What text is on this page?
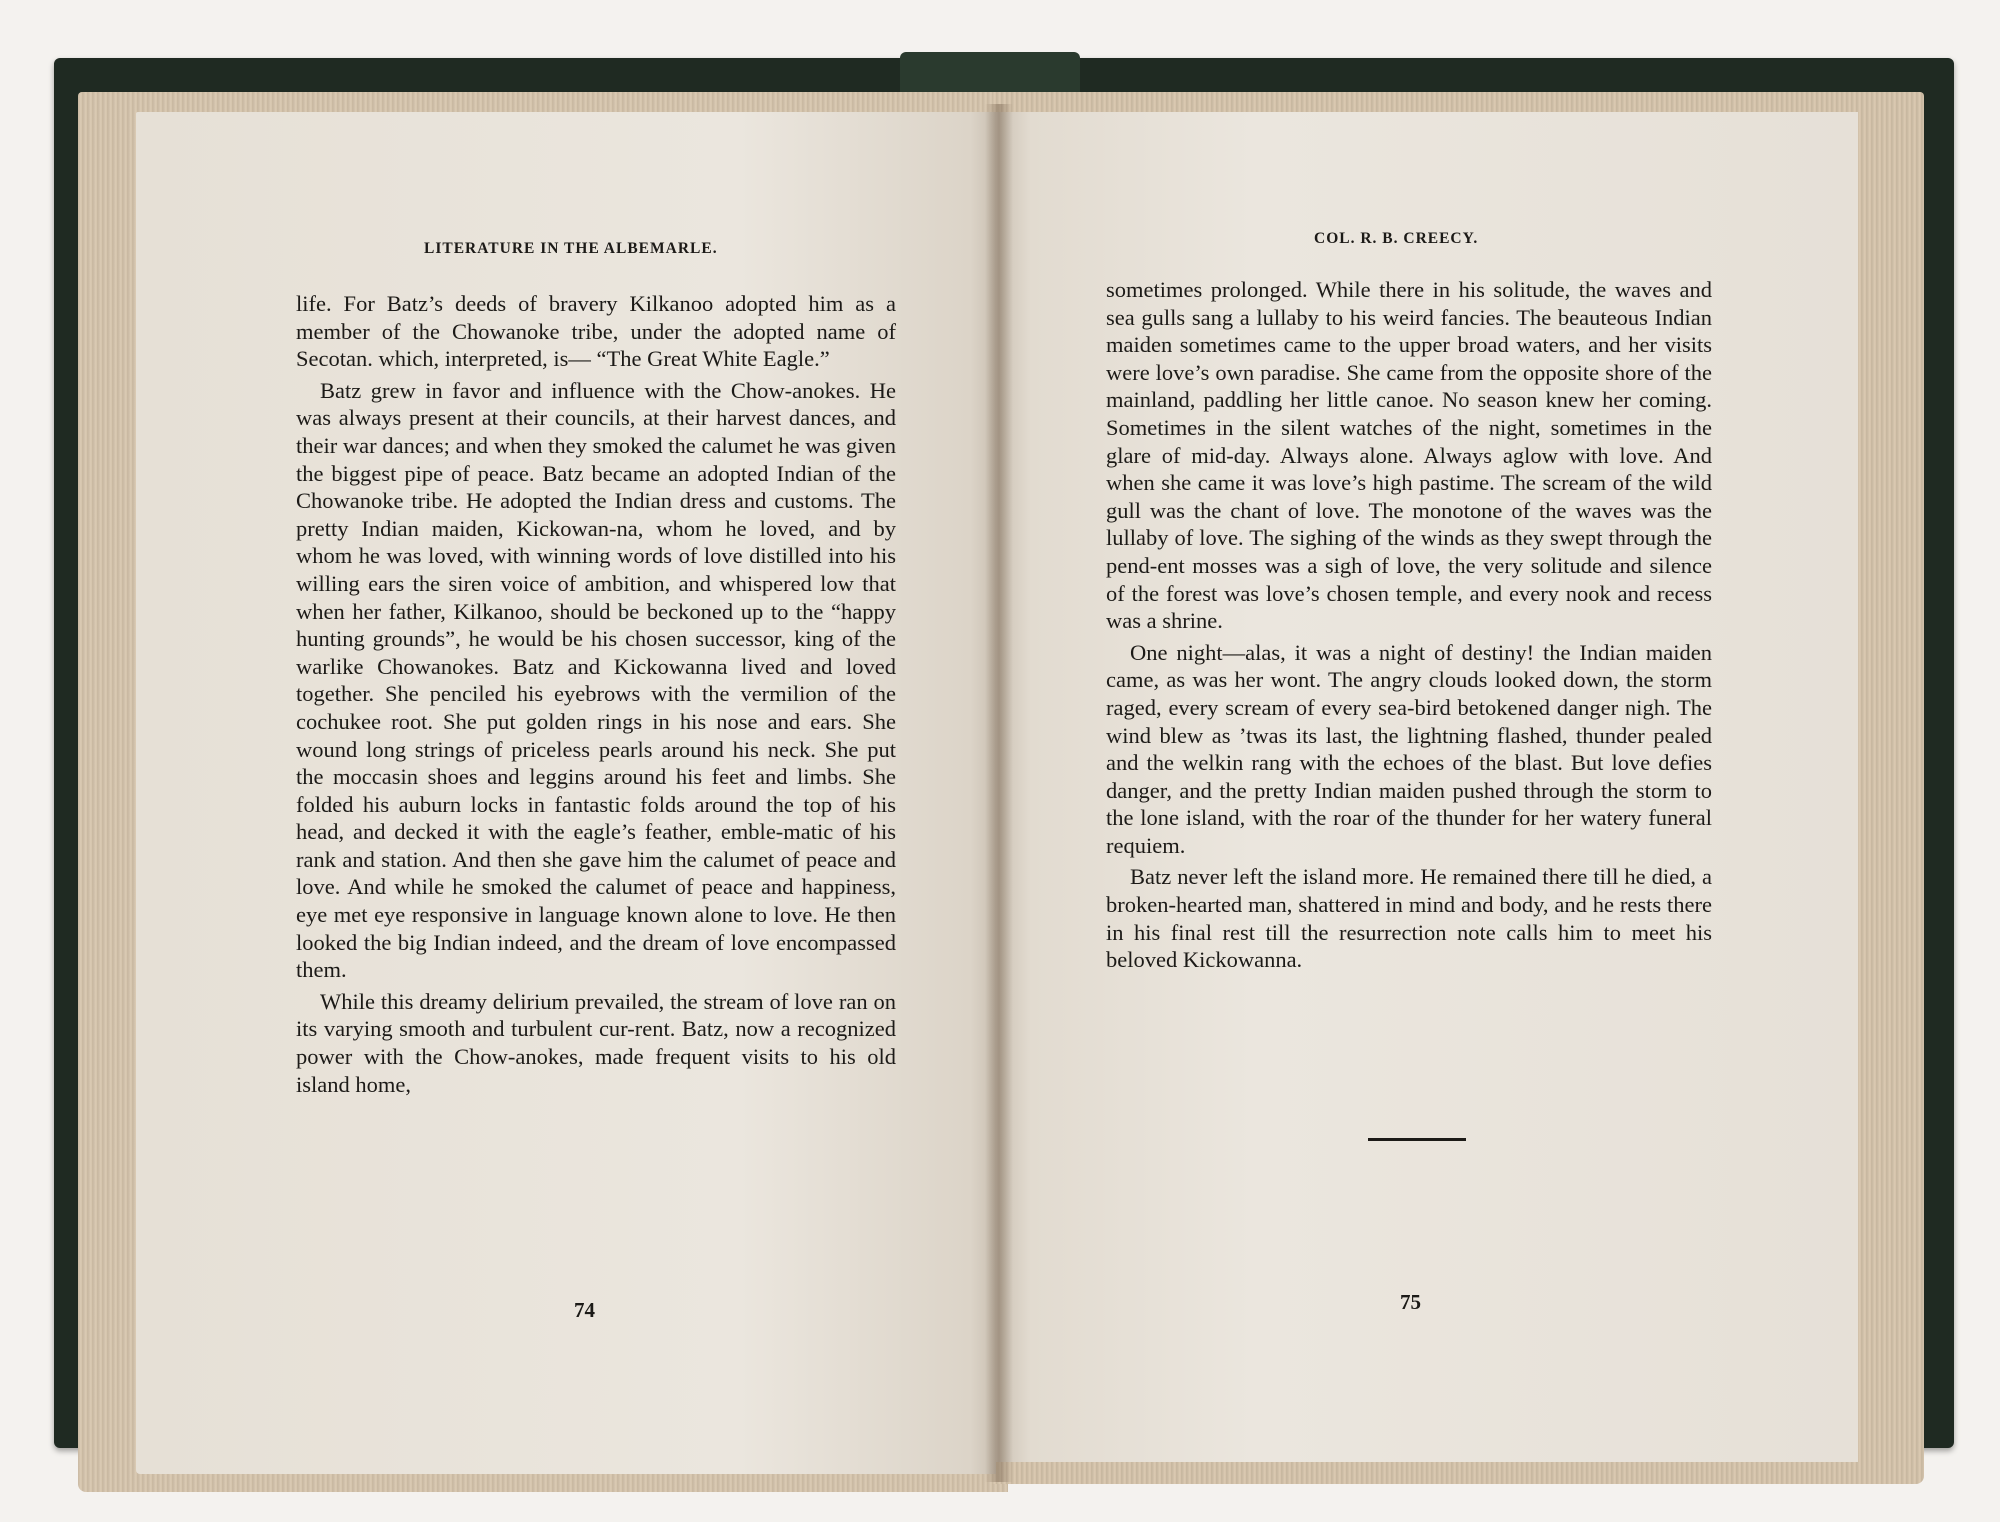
LITERATURE IN THE ALBEMARLE.

life. For Batz’s deeds of bravery Kilkanoo adopted him as a member of the Chowanoke tribe, under the adopted name of Secotan. which, interpreted, is— “The Great White Eagle.”

Batz grew in favor and influence with the Chow-anokes. He was always present at their councils, at their harvest dances, and their war dances; and when they smoked the calumet he was given the biggest pipe of peace. Batz became an adopted Indian of the Chowanoke tribe. He adopted the Indian dress and customs. The pretty Indian maiden, Kickowan-na, whom he loved, and by whom he was loved, with winning words of love distilled into his willing ears the siren voice of ambition, and whispered low that when her father, Kilkanoo, should be beckoned up to the “happy hunting grounds”, he would be his chosen successor, king of the warlike Chowanokes. Batz and Kickowanna lived and loved together. She penciled his eyebrows with the vermilion of the cochukee root. She put golden rings in his nose and ears. She wound long strings of priceless pearls around his neck. She put the moccasin shoes and leggins around his feet and limbs. She folded his auburn locks in fantastic folds around the top of his head, and decked it with the eagle’s feather, emble-matic of his rank and station. And then she gave him the calumet of peace and love. And while he smoked the calumet of peace and happiness, eye met eye responsive in language known alone to love. He then looked the big Indian indeed, and the dream of love encompassed them.

While this dreamy delirium prevailed, the stream of love ran on its varying smooth and turbulent cur-rent. Batz, now a recognized power with the Chow-anokes, made frequent visits to his old island home,

74
COL. R. B. CREECY.

sometimes prolonged. While there in his solitude, the waves and sea gulls sang a lullaby to his weird fancies. The beauteous Indian maiden sometimes came to the upper broad waters, and her visits were love’s own paradise. She came from the opposite shore of the mainland, paddling her little canoe. No season knew her coming. Sometimes in the silent watches of the night, sometimes in the glare of mid-day. Always alone. Always aglow with love. And when she came it was love’s high pastime. The scream of the wild gull was the chant of love. The monotone of the waves was the lullaby of love. The sighing of the winds as they swept through the pend-ent mosses was a sigh of love, the very solitude and silence of the forest was love’s chosen temple, and every nook and recess was a shrine.

One night—alas, it was a night of destiny! the Indian maiden came, as was her wont. The angry clouds looked down, the storm raged, every scream of every sea-bird betokened danger nigh. The wind blew as ’twas its last, the lightning flashed, thunder pealed and the welkin rang with the echoes of the blast. But love defies danger, and the pretty Indian maiden pushed through the storm to the lone island, with the roar of the thunder for her watery funeral requiem.

Batz never left the island more. He remained there till he died, a broken-hearted man, shattered in mind and body, and he rests there in his final rest till the resurrection note calls him to meet his beloved Kickowanna.

75
